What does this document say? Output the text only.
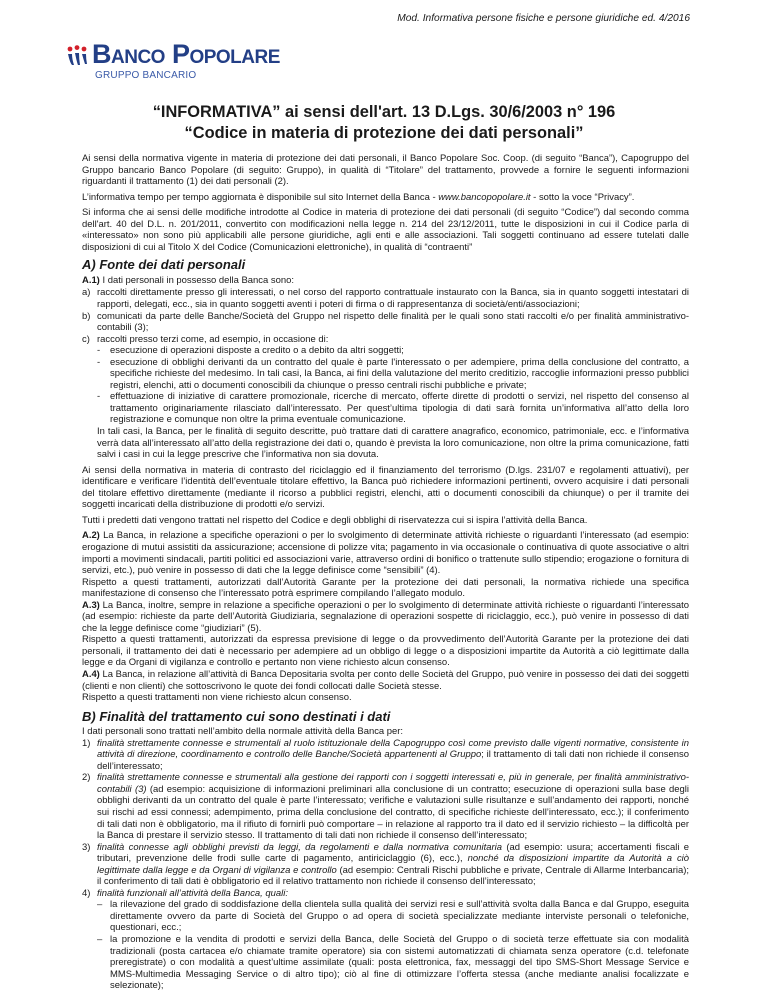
Mod. Informativa persone fisiche e persone giuridiche ed. 4/2016
Banco Popolare
GRUPPO BANCARIO
“INFORMATIVA” ai sensi dell'art. 13 D.Lgs. 30/6/2003 n° 196
“Codice in materia di protezione dei dati personali”

Ai sensi della normativa vigente in materia di protezione dei dati personali, il Banco Popolare Soc. Coop. (di seguito “Banca”), Capogruppo del Gruppo bancario Banco Popolare (di seguito: Gruppo), in qualità di “Titolare” del trattamento, provvede a fornire le seguenti informazioni riguardanti il trattamento (1) dei dati personali (2).

L’informativa tempo per tempo aggiornata è disponibile sul sito Internet della Banca - www.bancopopolare.it - sotto la voce “Privacy”.

Si informa che ai sensi delle modifiche introdotte al Codice in materia di protezione dei dati personali (di seguito “Codice”) dal secondo comma dell'art. 40 del D.L. n. 201/2011, convertito con modificazioni nella legge n. 214 del 23/12/2011, tutte le disposizioni in cui il Codice parla di «interessato» non sono più applicabili alle persone giuridiche, agli enti e alle associazioni. Tali soggetti continuano ad essere tutelati dalle disposizioni di cui al Titolo X del Codice (Comunicazioni elettroniche), in qualità di “contraenti”

A) Fonte dei dati personali

A.1) I dati personali in possesso della Banca sono:

a) raccolti direttamente presso gli interessati, o nel corso del rapporto contrattuale instaurato con la Banca, sia in quanto soggetti intestatari di rapporti, delegati, ecc., sia in quanto soggetti aventi i poteri di firma o di rappresentanza di società/enti/associazioni;
b) comunicati da parte delle Banche/Società del Gruppo nel rispetto delle finalità per le quali sono stati raccolti e/o per finalità amministrativo-contabili (3);
c) raccolti presso terzi come, ad esempio, in occasione di:
-	esecuzione di operazioni disposte a credito o a debito da altri soggetti;
-	esecuzione di obblighi derivanti da un contratto del quale è parte l'interessato o per adempiere, prima della conclusione del contratto, a specifiche richieste del medesimo. In tali casi, la Banca, ai fini della valutazione del merito creditizio, raccoglie informazioni presso pubblici registri, elenchi, atti o documenti conoscibili da chiunque o presso centrali rischi pubbliche e private;
-	effettuazione di iniziative di carattere promozionale, ricerche di mercato, offerte dirette di prodotti o servizi, nel rispetto del consenso al trattamento originariamente rilasciato dall’interessato. Per quest’ultima tipologia di dati sarà fornita un’informativa all’atto della loro registrazione e comunque non oltre la prima eventuale comunicazione.

In tali casi, la Banca, per le finalità di seguito descritte, può trattare dati di carattere anagrafico, economico, patrimoniale, ecc. e l’informativa verrà data all’interessato all’atto della registrazione dei dati o, quando è prevista la loro comunicazione, non oltre la prima comunicazione, fatti salvi i casi in cui la legge prescrive che l’informativa non sia dovuta.

Ai sensi della normativa in materia di contrasto del riciclaggio ed il finanziamento del terrorismo (D.lgs. 231/07 e regolamenti attuativi), per identificare e verificare l’identità dell’eventuale titolare effettivo, la Banca può richiedere informazioni pertinenti, ovvero acquisire i dati personali del titolare effettivo direttamente (mediante il ricorso a pubblici registri, elenchi, atti o documenti conoscibili da chiunque) o per il tramite dei soggetti incaricati della distribuzione di prodotti e/o servizi.

Tutti i predetti dati vengono trattati nel rispetto del Codice e degli obblighi di riservatezza cui si ispira l’attività della Banca.

A.2) La Banca, in relazione a specifiche operazioni o per lo svolgimento di determinate attività richieste o riguardanti l’interessato (ad esempio: erogazione di mutui assistiti da assicurazione; accensione di polizze vita; pagamento in via occasionale o continuativa di quote associative o altri importi a movimenti sindacali, partiti politici ed associazioni varie, attraverso ordini di bonifico o trattenute sullo stipendio; erogazione o fornitura di servizi, etc.), può venire in possesso di dati che la legge definisce come “sensibili” (4).
Rispetto a questi trattamenti, autorizzati dall’Autorità Garante per la protezione dei dati personali, la normativa richiede una specifica manifestazione di consenso che l’interessato potrà esprimere compilando l’allegato modulo.
A.3) La Banca, inoltre, sempre in relazione a specifiche operazioni o per lo svolgimento di determinate attività richieste o riguardanti l’interessato (ad esempio: richieste da parte dell’Autorità Giudiziaria, segnalazione di operazioni sospette di riciclaggio, ecc.), può venire in possesso di dati che la legge definisce come “giudiziari” (5).
Rispetto a questi trattamenti, autorizzati da espressa previsione di legge o da provvedimento dell’Autorità Garante per la protezione dei dati personali, il trattamento dei dati è necessario per adempiere ad un obbligo di legge o a disposizioni impartite da Autorità a ciò legittimate dalla legge e da Organi di vigilanza e controllo e pertanto non viene richiesto alcun consenso.
A.4) La Banca, in relazione all’attività di Banca Depositaria svolta per conto delle Società del Gruppo, può venire in possesso dei dati dei soggetti (clienti e non clienti) che sottoscrivono le quote dei fondi collocati dalle Società stesse.
Rispetto a questi trattamenti non viene richiesto alcun consenso.
B) Finalità del trattamento cui sono destinati i dati

I dati personali sono trattati nell’ambito della normale attività della Banca per:

1) finalità strettamente connesse e strumentali al ruolo istituzionale della Capogruppo così come previsto dalle vigenti normative, consistente in attività di direzione, coordinamento e controllo delle Banche/Società appartenenti al Gruppo; il trattamento di tali dati non richiede il consenso dell’interessato;
2) finalità strettamente connesse e strumentali alla gestione dei rapporti con i soggetti interessati e, più in generale, per finalità amministrativo-contabili (3) (ad esempio: acquisizione di informazioni preliminari alla conclusione di un contratto; esecuzione di operazioni sulla base degli obblighi derivanti da un contratto del quale è parte l’interessato; verifiche e valutazioni sulle risultanze e sull’andamento dei rapporti, nonché sui rischi ad essi connessi; adempimento, prima della conclusione del contratto, di specifiche richieste dell’interessato, ecc.); il conferimento di tali dati non è obbligatorio, ma il rifiuto di fornirli può comportare – in relazione al rapporto tra il dato ed il servizio richiesto – la difficoltà per la Banca di prestare il servizio stesso. Il trattamento di tali dati non richiede il consenso dell’interessato;
3) finalità connesse agli obblighi previsti da leggi, da regolamenti e dalla normativa comunitaria (ad esempio: usura; accertamenti fiscali e tributari, prevenzione delle frodi sulle carte di pagamento, antiriciclaggio (6), ecc.), nonché da disposizioni impartite da Autorità a ciò legittimate dalla legge e da Organi di vigilanza e controllo (ad esempio: Centrali Rischi pubbliche e private, Centrale di Allarme Interbancaria); il conferimento di tali dati è obbligatorio ed il relativo trattamento non richiede il consenso dell’interessato;
4) finalità funzionali all’attività della Banca, quali:
– la rilevazione del grado di soddisfazione della clientela sulla qualità dei servizi resi e sull’attività svolta dalla Banca e dal Gruppo, eseguita direttamente ovvero da parte di Società del Gruppo o ad opera di società specializzate mediante interviste personali o telefoniche, questionari, ecc.;
– la promozione e la vendita di prodotti e servizi della Banca, delle Società del Gruppo o di società terze effettuate sia con modalità tradizionali (posta cartacea e/o chiamate tramite operatore) sia con sistemi automatizzati di chiamata senza operatore (c.d. telefonate preregistrate) o con modalità a quest’ultime assimilate (quali: posta elettronica, fax, messaggi del tipo SMS-Short Message Service e MMS-Multimedia Messaging Service o di altro tipo); ciò al fine di ottimizzare l’offerta stessa (anche mediante analisi focalizzate e selezionate);
